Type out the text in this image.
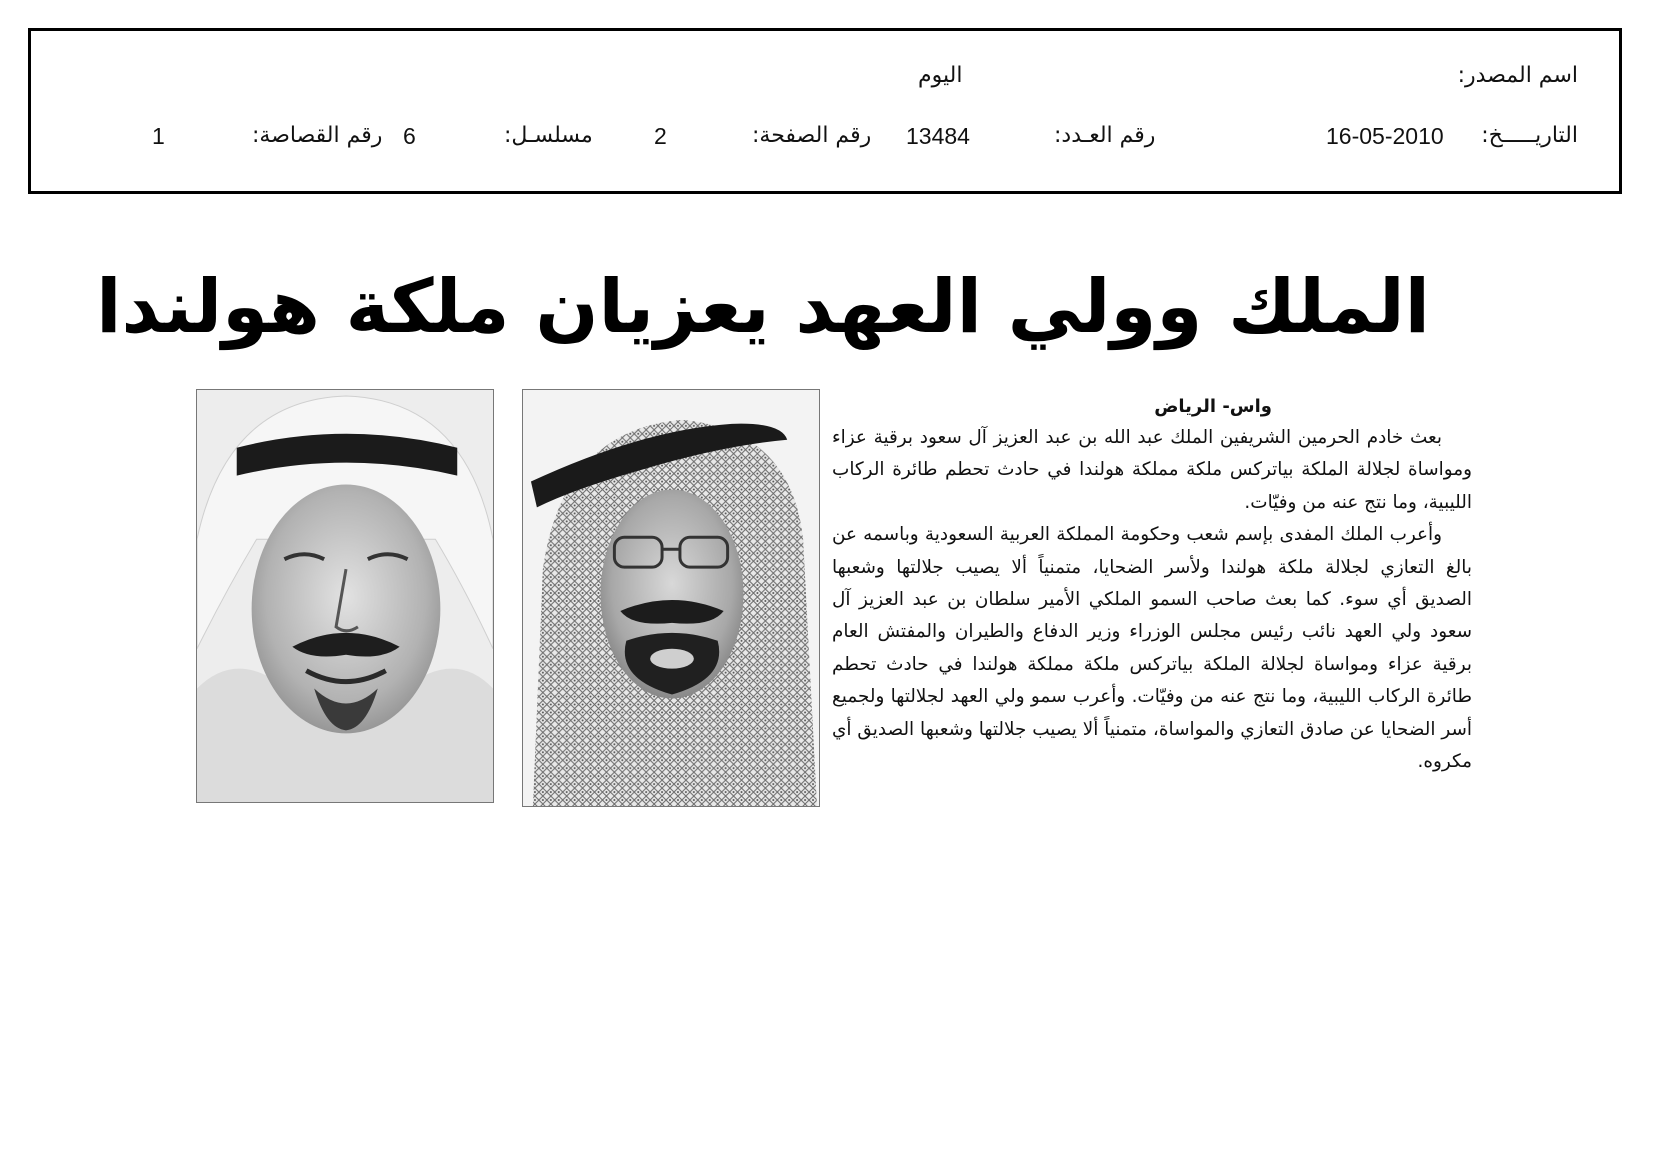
اسم المصدر:
اليوم
التاريـــــخ:
16-05-2010
رقم العـدد:
13484
رقم الصفحة:
2
مسلسـل:
6
رقم القصاصة:
1
الملك وولي العهد يعزيان ملكة هولندا
واس- الرياض

بعث خادم الحرمين الشريفين الملك عبد الله بن عبد العزيز آل سعود برقية عزاء ومواساة لجلالة الملكة بياتركس ملكة مملكة هولندا في حادث تحطم طائرة الركاب الليبية، وما نتج عنه من وفيّات.

وأعرب الملك المفدى بإسم شعب وحكومة المملكة العربية السعودية وباسمه عن بالغ التعازي لجلالة ملكة هولندا ولأسر الضحايا، متمنياً ألا يصيب جلالتها وشعبها الصديق أي سوء. كما بعث صاحب السمو الملكي الأمير سلطان بن عبد العزيز آل سعود ولي العهد نائب رئيس مجلس الوزراء وزير الدفاع والطيران والمفتش العام برقية عزاء ومواساة لجلالة الملكة بياتركس ملكة مملكة هولندا في حادث تحطم طائرة الركاب الليبية، وما نتج عنه من وفيّات. وأعرب سمو ولي العهد لجلالتها ولجميع أسر الضحايا عن صادق التعازي والمواساة، متمنياً ألا يصيب جلالتها وشعبها الصديق أي مكروه.
